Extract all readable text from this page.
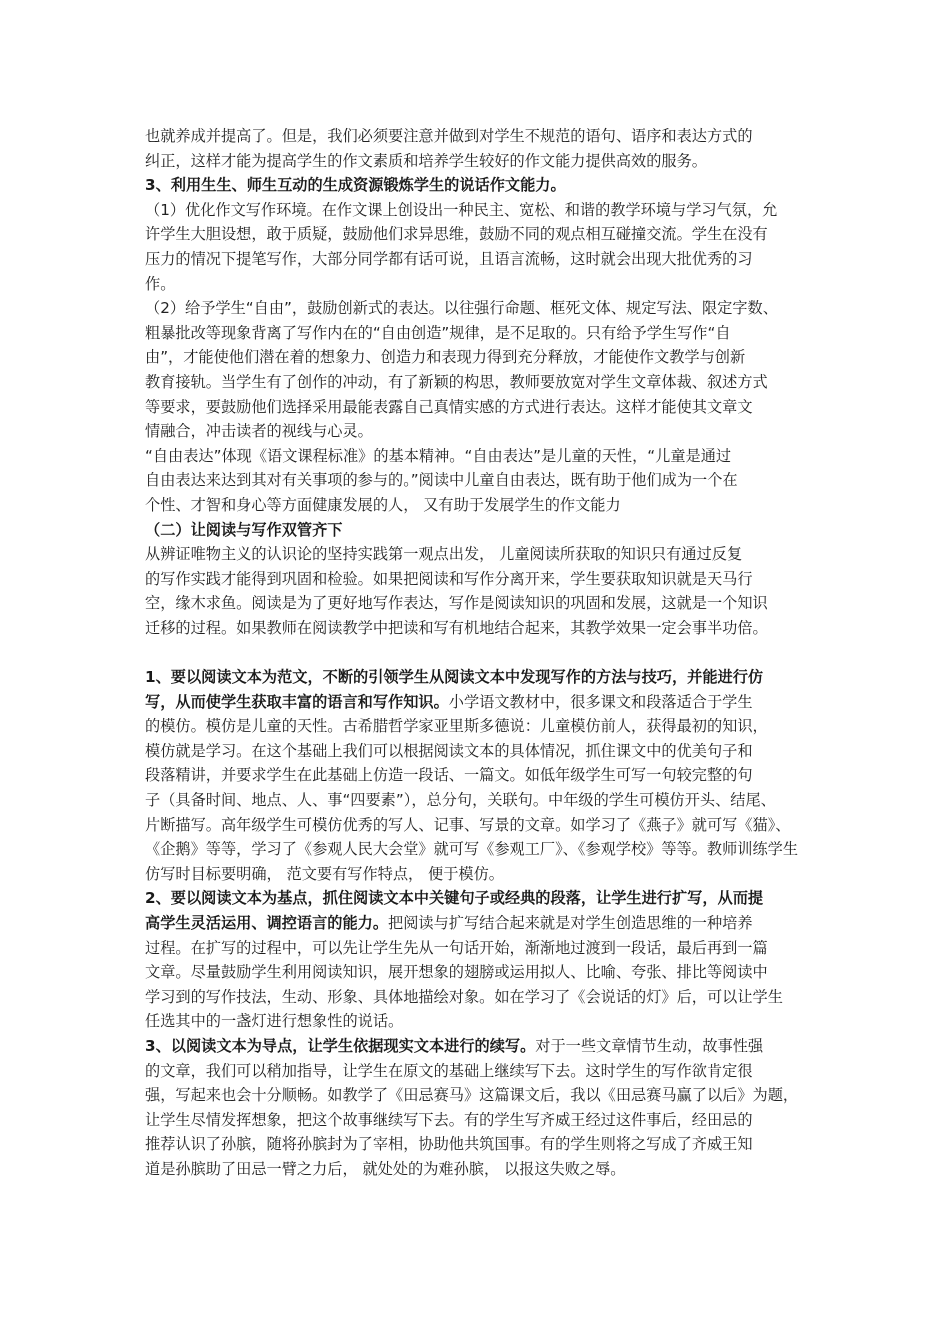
也就养成并提高了。但是，我们必须要注意并做到对学生不规范的语句、语序和表达方式的
纠正，这样才能为提高学生的作文素质和培养学生较好的作文能力提供高效的服务。
3、利用生生、师生互动的生成资源锻炼学生的说话作文能力。
（1）优化作文写作环境。在作文课上创设出一种民主、宽松、和谐的教学环境与学习气氛，允
许学生大胆设想，敢于质疑，鼓励他们求异思维，鼓励不同的观点相互碰撞交流。学生在没有
压力的情况下提笔写作，大部分同学都有话可说，且语言流畅，这时就会出现大批优秀的习
作。
（2）给予学生“自由”，鼓励创新式的表达。以往强行命题、框死文体、规定写法、限定字数、
粗暴批改等现象背离了写作内在的“自由创造”规律，是不足取的。只有给予学生写作“自
由”，才能使他们潜在着的想象力、创造力和表现力得到充分释放，才能使作文教学与创新
教育接轨。当学生有了创作的冲动，有了新颖的构思，教师要放宽对学生文章体裁、叙述方式
等要求，要鼓励他们选择采用最能表露自己真情实感的方式进行表达。这样才能使其文章文
情融合，冲击读者的视线与心灵。
“自由表达”体现《语文课程标准》的基本精神。“自由表达”是儿童的天性，“儿童是通过
自由表达来达到其对有关事项的参与的。”阅读中儿童自由表达，既有助于他们成为一个在
个性、才智和身心等方面健康发展的人， 又有助于发展学生的作文能力
（二）让阅读与写作双管齐下
从辨证唯物主义的认识论的坚持实践第一观点出发， 儿童阅读所获取的知识只有通过反复
的写作实践才能得到巩固和检验。如果把阅读和写作分离开来，学生要获取知识就是天马行
空，缘木求鱼。阅读是为了更好地写作表达，写作是阅读知识的巩固和发展，这就是一个知识
迁移的过程。如果教师在阅读教学中把读和写有机地结合起来，其教学效果一定会事半功倍。
1、要以阅读文本为范文，不断的引领学生从阅读文本中发现写作的方法与技巧，并能进行仿
写，从而使学生获取丰富的语言和写作知识。小学语文教材中，很多课文和段落适合于学生
的模仿。模仿是儿童的天性。古希腊哲学家亚里斯多德说：儿童模仿前人，获得最初的知识，
模仿就是学习。在这个基础上我们可以根据阅读文本的具体情况，抓住课文中的优美句子和
段落精讲，并要求学生在此基础上仿造一段话、一篇文。如低年级学生可写一句较完整的句
子（具备时间、地点、人、事“四要素”），总分句，关联句。中年级的学生可模仿开头、结尾、
片断描写。高年级学生可模仿优秀的写人、记事、写景的文章。如学习了《燕子》就可写《猫》、
《企鹅》等等，学习了《参观人民大会堂》就可写《参观工厂》、《参观学校》等等。教师训练学生
仿写时目标要明确， 范文要有写作特点， 便于模仿。
2、要以阅读文本为基点，抓住阅读文本中关键句子或经典的段落，让学生进行扩写，从而提
高学生灵活运用、调控语言的能力。把阅读与扩写结合起来就是对学生创造思维的一种培养
过程。在扩写的过程中，可以先让学生先从一句话开始，渐渐地过渡到一段话，最后再到一篇
文章。尽量鼓励学生利用阅读知识，展开想象的翅膀或运用拟人、比喻、夸张、排比等阅读中
学习到的写作技法，生动、形象、具体地描绘对象。如在学习了《会说话的灯》后，可以让学生
任选其中的一盏灯进行想象性的说话。
3、以阅读文本为导点，让学生依据现实文本进行的续写。对于一些文章情节生动，故事性强
的文章，我们可以稍加指导，让学生在原文的基础上继续写下去。这时学生的写作欲肯定很
强，写起来也会十分顺畅。如教学了《田忌赛马》这篇课文后，我以《田忌赛马赢了以后》为题，
让学生尽情发挥想象，把这个故事继续写下去。有的学生写齐威王经过这件事后，经田忌的
推荐认识了孙膑，随将孙膑封为了宰相，协助他共筑国事。有的学生则将之写成了齐威王知
道是孙膑助了田忌一臂之力后， 就处处的为难孙膑， 以报这失败之辱。
